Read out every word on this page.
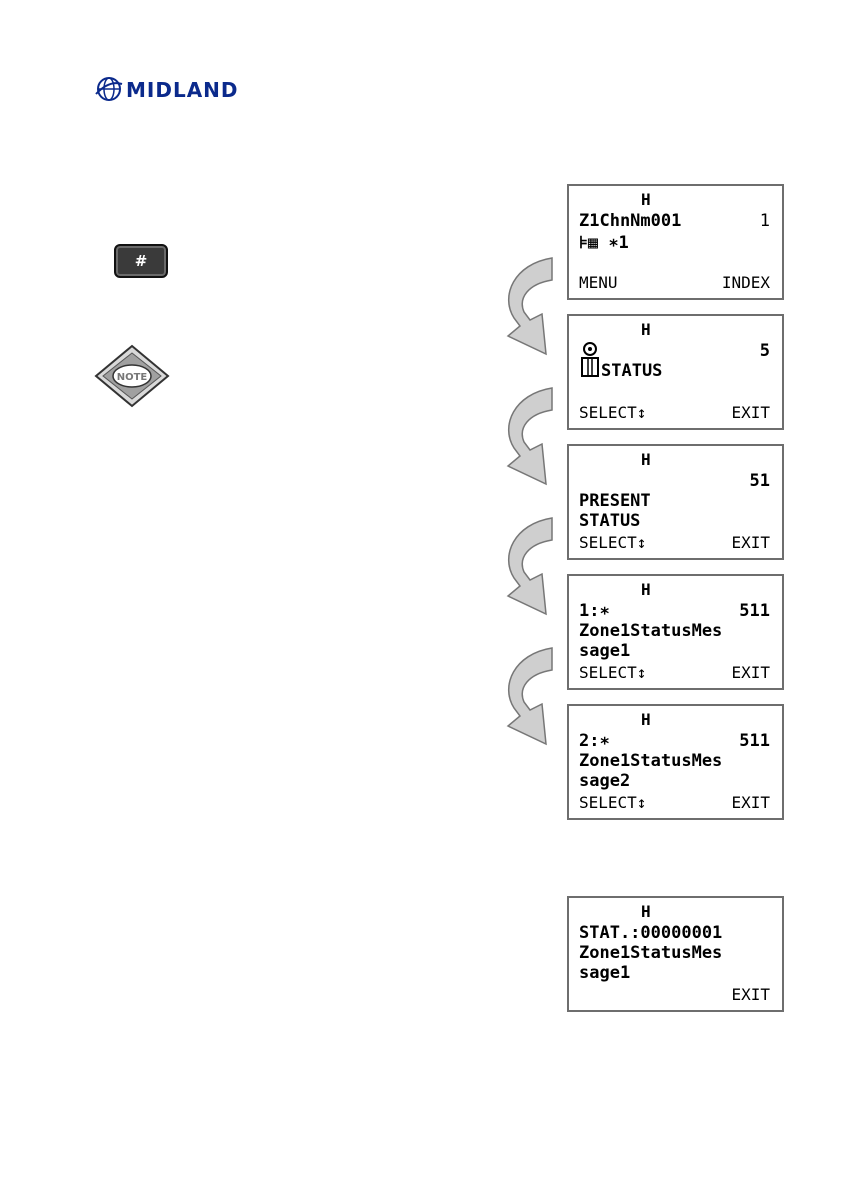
MIDLAND
#
NOTE
H
Z1ChnNm001	1
⊧▦ ∗1
MENU	INDEX
H
5
STATUS
SELECT↕	EXIT
H
51
PRESENT
STATUS
SELECT↕	EXIT
H
1:∗	511
Zone1StatusMes
sage1
SELECT↕	EXIT
H
2:∗	511
Zone1StatusMes
sage2
SELECT↕	EXIT
H
STAT.:00000001
Zone1StatusMes
sage1
EXIT
